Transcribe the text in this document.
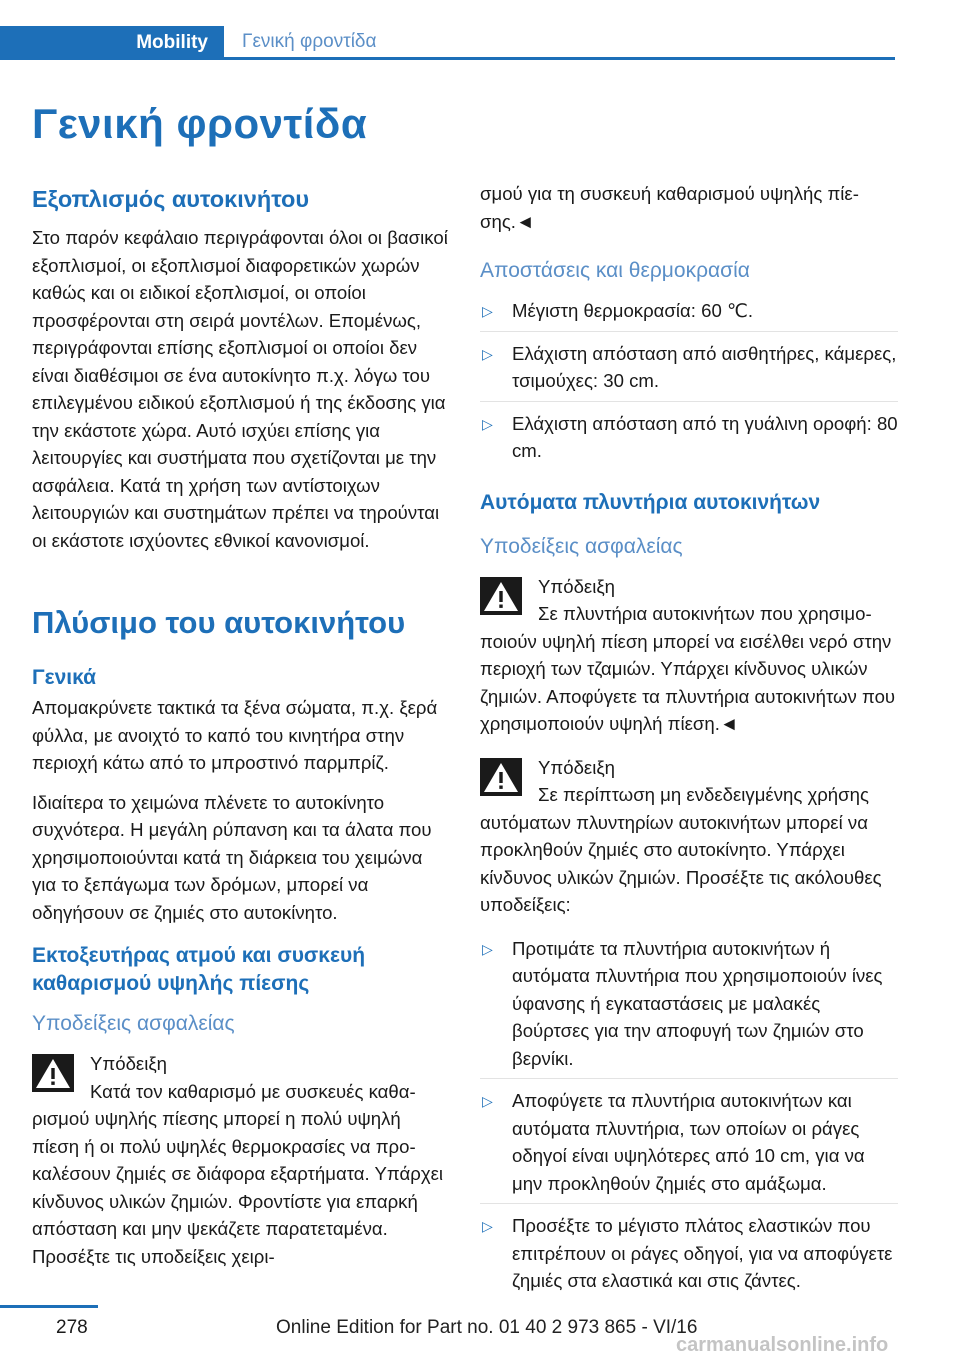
Mobility	Γενική φροντίδα
Γενική φροντίδα
Εξοπλισμός αυτοκινήτου

Στο παρόν κεφάλαιο περιγράφονται όλοι οι βασικοί εξοπλισμοί, οι εξοπλισμοί διαφορετικών χωρών καθώς και οι ειδικοί εξοπλισμοί, οι οποίοι προσφέρονται στη σειρά μοντέλων. Επομένως, περιγράφονται επίσης εξοπλισμοί οι οποίοι δεν είναι διαθέσιμοι σε ένα αυτοκίνητο π.χ. λόγω του επιλεγμένου ειδικού εξοπλισμού ή της έκδοσης για την εκάστοτε χώρα. Αυτό ισχύει επίσης για λειτουργίες και συστήματα που σχετίζονται με την ασφάλεια. Κατά τη χρήση των αντίστοιχων λειτουργιών και συστημάτων πρέπει να τηρούνται οι εκάστοτε ισχύοντες εθνικοί κανονισμοί.

Πλύσιμο του αυτοκινήτου
Γενικά

Απομακρύνετε τακτικά τα ξένα σώματα, π.χ. ξερά φύλλα, με ανοιχτό το καπό του κινητήρα στην περιοχή κάτω από το μπροστινό παρμπρίζ.

Ιδιαίτερα το χειμώνα πλένετε το αυτοκίνητο συχνότερα. Η μεγάλη ρύπανση και τα άλατα που χρησιμοποιούνται κατά τη διάρκεια του χειμώνα για το ξεπάγωμα των δρόμων, μπορεί να οδηγήσουν σε ζημιές στο αυτοκίνητο.

Εκτοξευτήρας ατμού και συσκευή καθαρισμού υψηλής πίεσης
Υποδείξεις ασφαλείας
Υπόδειξη
Κατά τον καθαρισμό με συσκευές καθαρισμού υψηλής πίεσης μπορεί η πολύ υψηλή πίεση ή οι πολύ υψηλές θερμοκρασίες να προκαλέσουν ζημιές σε διάφορα εξαρτήματα. Υπάρχει κίνδυνος υλικών ζημιών. Φροντίστε για επαρκή απόσταση και μην ψεκάζετε παρατεταμένα. Προσέξτε τις υποδείξεις χειρι-

σμού για τη συσκευή καθαρισμού υψηλής πίεσης.◄

Αποστάσεις και θερμοκρασία
▷ Μέγιστη θερμοκρασία: 60 ℃.
▷ Ελάχιστη απόσταση από αισθητήρες, κάμερες, τσιμούχες: 30 cm.
▷ Ελάχιστη απόσταση από τη γυάλινη οροφή: 80 cm.
Αυτόματα πλυντήρια αυτοκινήτων
Υποδείξεις ασφαλείας
Υπόδειξη
Σε πλυντήρια αυτοκινήτων που χρησιμοποιούν υψηλή πίεση μπορεί να εισέλθει νερό στην περιοχή των τζαμιών. Υπάρχει κίνδυνος υλικών ζημιών. Αποφύγετε τα πλυντήρια αυτοκινήτων που χρησιμοποιούν υψηλή πίεση.◄
Υπόδειξη
Σε περίπτωση μη ενδεδειγμένης χρήσης αυτόματων πλυντηρίων αυτοκινήτων μπορεί να προκληθούν ζημιές στο αυτοκίνητο. Υπάρχει κίνδυνος υλικών ζημιών. Προσέξτε τις ακόλουθες υποδείξεις:
▷ Προτιμάτε τα πλυντήρια αυτοκινήτων ή αυτόματα πλυντήρια που χρησιμοποιούν ίνες ύφανσης ή εγκαταστάσεις με μαλακές βούρτσες για την αποφυγή των ζημιών στο βερνίκι.
▷ Αποφύγετε τα πλυντήρια αυτοκινήτων και αυτόματα πλυντήρια, των οποίων οι ράγες οδηγοί είναι υψηλότερες από 10 cm, για να μην προκληθούν ζημιές στο αμάξωμα.
▷ Προσέξτε το μέγιστο πλάτος ελαστικών που επιτρέπουν οι ράγες οδηγοί, για να αποφύγετε ζημιές στα ελαστικά και στις ζάντες.
278	Online Edition for Part no. 01 40 2 973 865 - VI/16
carmanualsonline.info
